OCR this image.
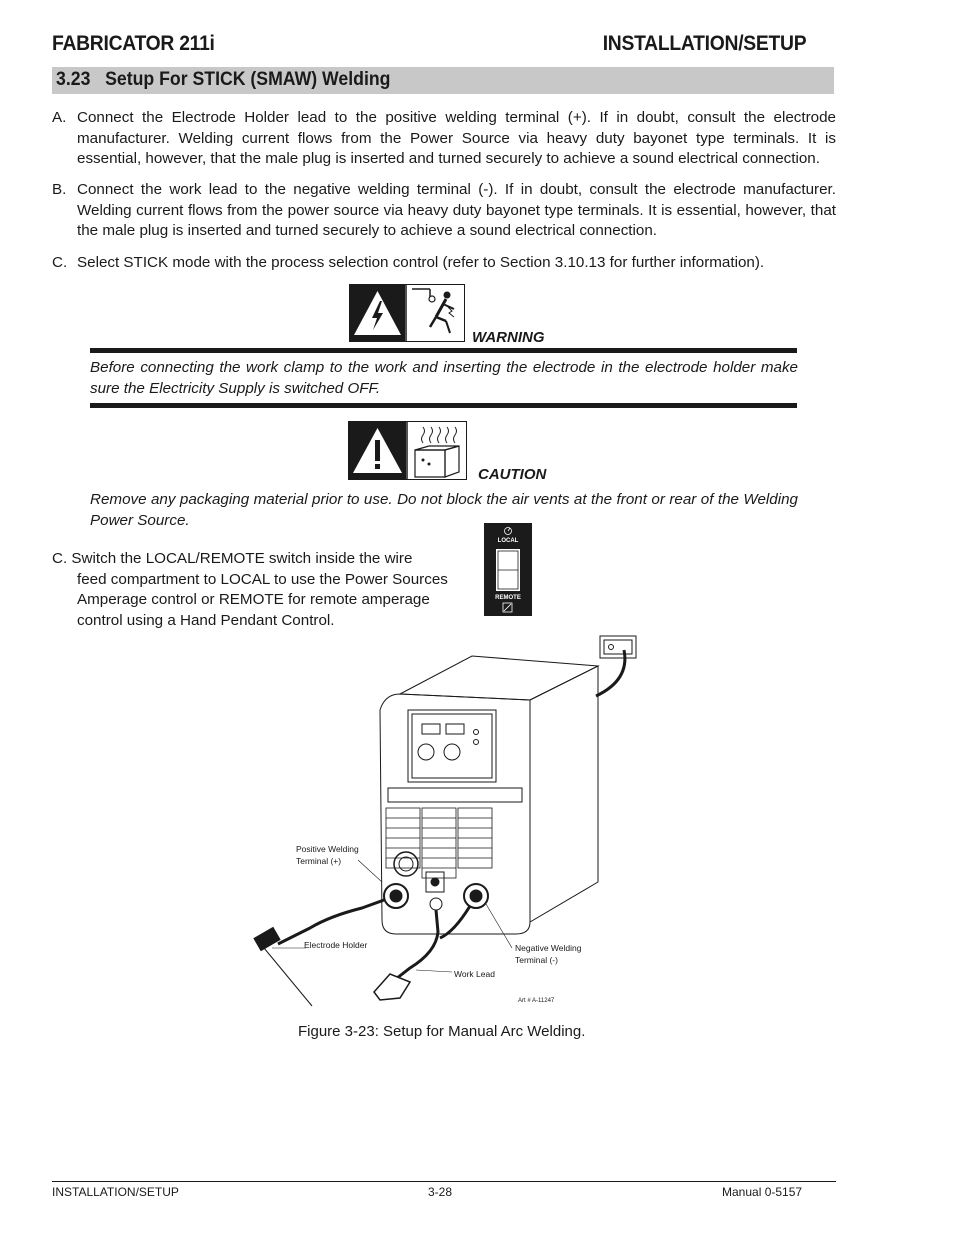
FABRICATOR 211i	INSTALLATION/SETUP
3.23   Setup For STICK (SMAW) Welding
A. Connect the Electrode Holder lead to the positive welding terminal (+). If in doubt, consult the electrode manufacturer. Welding current flows from the Power Source via heavy duty bayonet type terminals. It is essential, however, that the male plug is inserted and turned securely to achieve a sound electrical connection.
B. Connect the work lead to the negative welding terminal (-). If in doubt, consult the electrode manufacturer. Welding current flows from the power source via heavy duty bayonet type terminals. It is essential, however, that the male plug is inserted and turned securely to achieve a sound electrical connection.
C. Select STICK mode with the process selection control (refer to Section 3.10.13 for further information).
WARNING
Before connecting the work clamp to the work and inserting the electrode in the electrode holder make sure the Electricity Supply is switched OFF.
CAUTION
Remove any packaging material prior to use. Do not block the air vents at the front or rear of the Welding Power Source.
C. Switch the LOCAL/REMOTE switch inside the wire
feed compartment to LOCAL to use the Power Sources Amperage control or REMOTE for remote amperage control using a Hand Pendant Control.
LOCAL
REMOTE
Positive Welding
Terminal (+)
Electrode Holder	Negative Welding
Terminal (-)
Work Lead
Art # A-11247
Figure 3-23: Setup for Manual Arc Welding.
INSTALLATION/SETUP	3-28	Manual 0-5157
